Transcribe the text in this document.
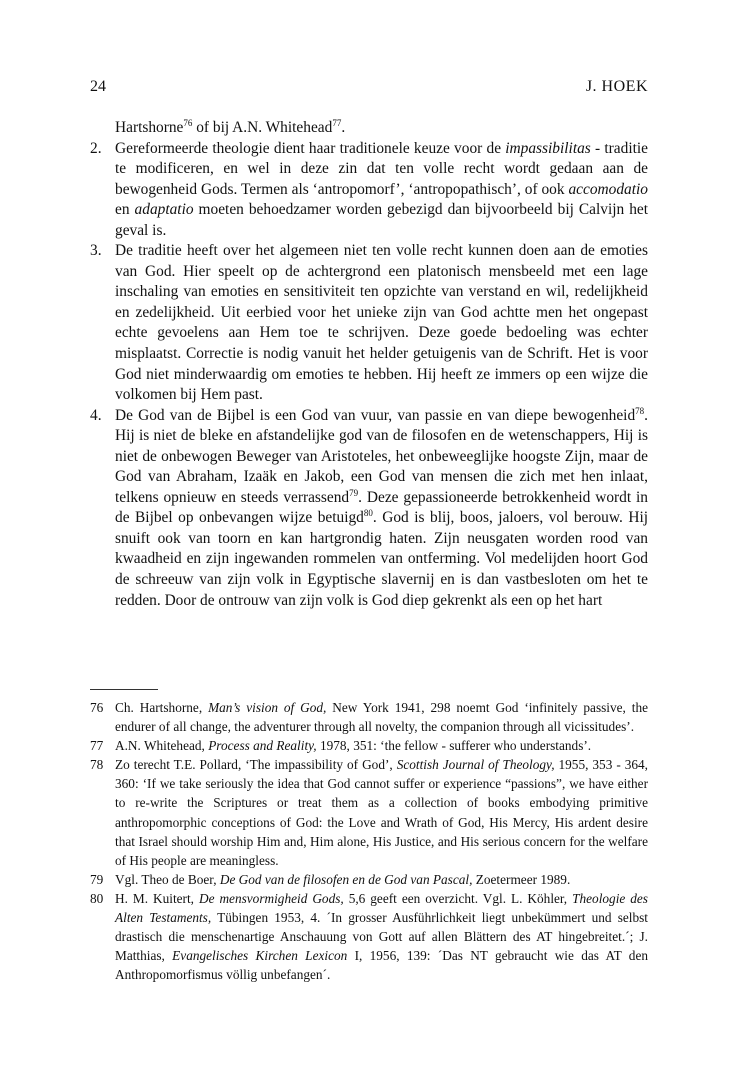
24	J. HOEK
Hartshorne$^{76}$ of bij A.N. Whitehead$^{77}$.
2. Gereformeerde theologie dient haar traditionele keuze voor de impassibilitas - traditie te modificeren, en wel in deze zin dat ten volle recht wordt gedaan aan de bewogenheid Gods. Termen als ‘antropomorf’, ‘antropopathisch’, of ook accomodatio en adaptatio moeten behoedzamer worden gebezigd dan bijvoorbeeld bij Calvijn het geval is.
3. De traditie heeft over het algemeen niet ten volle recht kunnen doen aan de emoties van God. Hier speelt op de achtergrond een platonisch mensbeeld met een lage inschaling van emoties en sensitiviteit ten opzichte van verstand en wil, redelijkheid en zedelijkheid. Uit eerbied voor het unieke zijn van God achtte men het ongepast echte gevoelens aan Hem toe te schrijven. Deze goede bedoeling was echter misplaatst. Correctie is nodig vanuit het helder getuigenis van de Schrift. Het is voor God niet minderwaardig om emoties te hebben. Hij heeft ze immers op een wijze die volkomen bij Hem past.
4. De God van de Bijbel is een God van vuur, van passie en van diepe bewogenheid$^{78}$. Hij is niet de bleke en afstandelijke god van de filosofen en de wetenschappers, Hij is niet de onbewogen Beweger van Aristoteles, het onbeweeglijke hoogste Zijn, maar de God van Abraham, Izaäk en Jakob, een God van mensen die zich met hen inlaat, telkens opnieuw en steeds verrassend$^{79}$. Deze gepassioneerde betrokkenheid wordt in de Bijbel op onbevangen wijze betuigd$^{80}$. God is blij, boos, jaloers, vol berouw. Hij snuift ook van toorn en kan hartgrondig haten. Zijn neusgaten worden rood van kwaadheid en zijn ingewanden rommelen van ontferming. Vol medelijden hoort God de schreeuw van zijn volk in Egyptische slavernij en is dan vastbesloten om het te redden. Door de ontrouw van zijn volk is God diep gekrenkt als een op het hart
76 Ch. Hartshorne, Man’s vision of God, New York 1941, 298 noemt God ‘infinitely passive, the endurer of all change, the adventurer through all novelty, the companion through all vicissitudes’.
77 A.N. Whitehead, Process and Reality, 1978, 351: ‘the fellow - sufferer who understands’.
78 Zo terecht T.E. Pollard, ‘The impassibility of God’, Scottish Journal of Theology, 1955, 353 - 364, 360: ‘If we take seriously the idea that God cannot suffer or experience “passions”, we have either to re-write the Scriptures or treat them as a collection of books embodying primitive anthropomorphic conceptions of God: the Love and Wrath of God, His Mercy, His ardent desire that Israel should worship Him and, Him alone, His Justice, and His serious concern for the welfare of His people are meaningless.
79 Vgl. Theo de Boer, De God van de filosofen en de God van Pascal, Zoetermeer 1989.
80 H. M. Kuitert, De mensvormigheid Gods, 5,6 geeft een overzicht. Vgl. L. Köhler, Theologie des Alten Testaments, Tübingen 1953, 4. ´In grosser Ausführlichkeit liegt unbekümmert und selbst drastisch die menschenartige Anschauung von Gott auf allen Blättern des AT hingebreitet.´; J. Matthias, Evangelisches Kirchen Lexicon I, 1956, 139: ´Das NT gebraucht wie das AT den Anthropomorfismus völlig unbefangen´.
